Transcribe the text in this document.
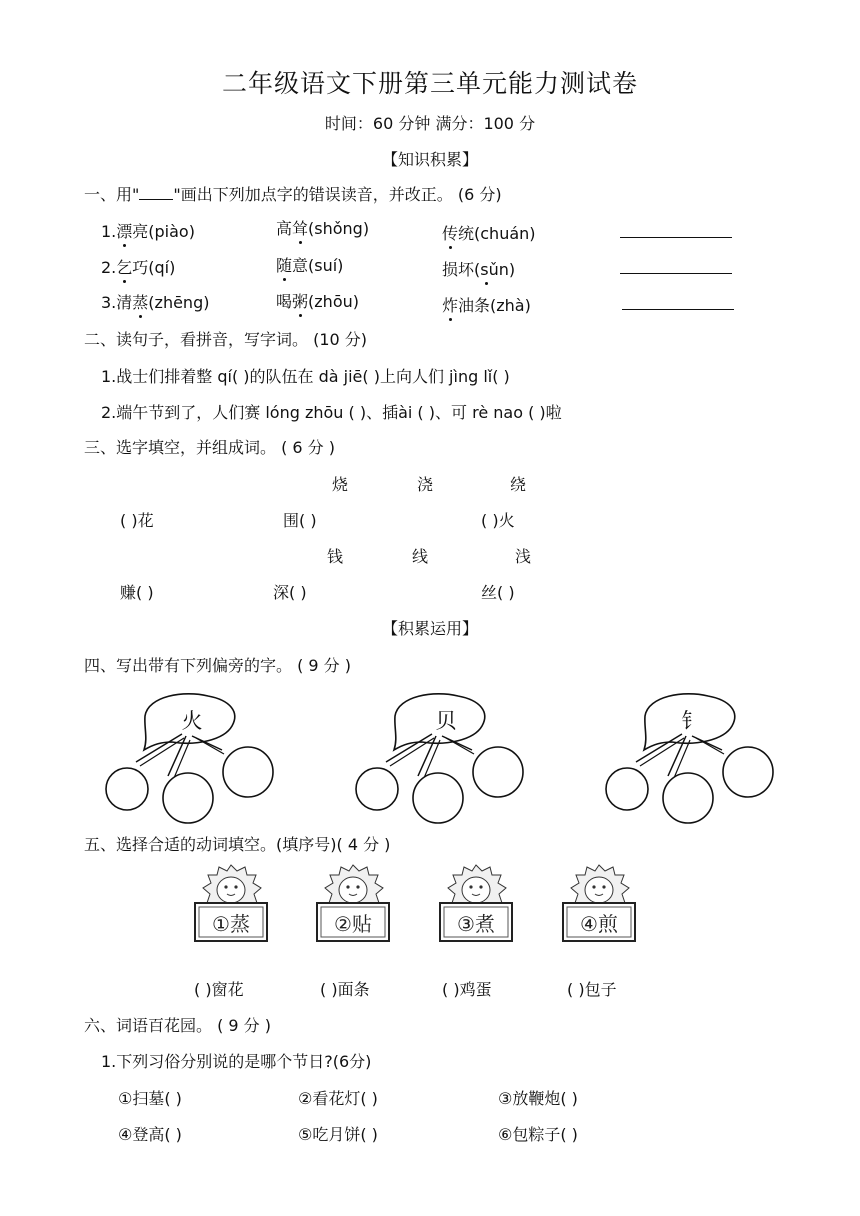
二年级语文下册第三单元能力测试卷
时间：60 分钟 满分：100 分
【知识积累】
一、用" "画出下列加点字的错误读音，并改正。 (6 分)
1.漂亮(piào)	高耸(shǒng)	传统(chuán)
2.乞巧(qí)	随意(suí)	损坏(sǔn)
3.清蒸(zhēng)	喝粥(zhōu)	炸油条(zhà)
二、读句子，看拼音，写字词。 (10 分)
1.战士们排着整 qí( )的队伍在 dà jiē( )上向人们 jìng lǐ( )
2.端午节到了，人们赛 lóng zhōu ( )、插ài ( )、可 rè nao ( )啦
三、选字填空，并组成词。 ( 6 分 )
烧	浇	绕
( )花	围( )	( )火
钱	线	浅
赚( )	深( )	丝( )
【积累运用】
四、写出带有下列偏旁的字。 ( 9 分 )
火	贝	钅
五、选择合适的动词填空。(填序号)( 4 分 )
①蒸	②贴	③煮	④煎
( )窗花	( )面条	( )鸡蛋	( )包子
六、词语百花园。 ( 9 分 )
1.下列习俗分别说的是哪个节日?(6分)
①扫墓( )	②看花灯( )	③放鞭炮( )
④登高( )	⑤吃月饼( )	⑥包粽子( )
